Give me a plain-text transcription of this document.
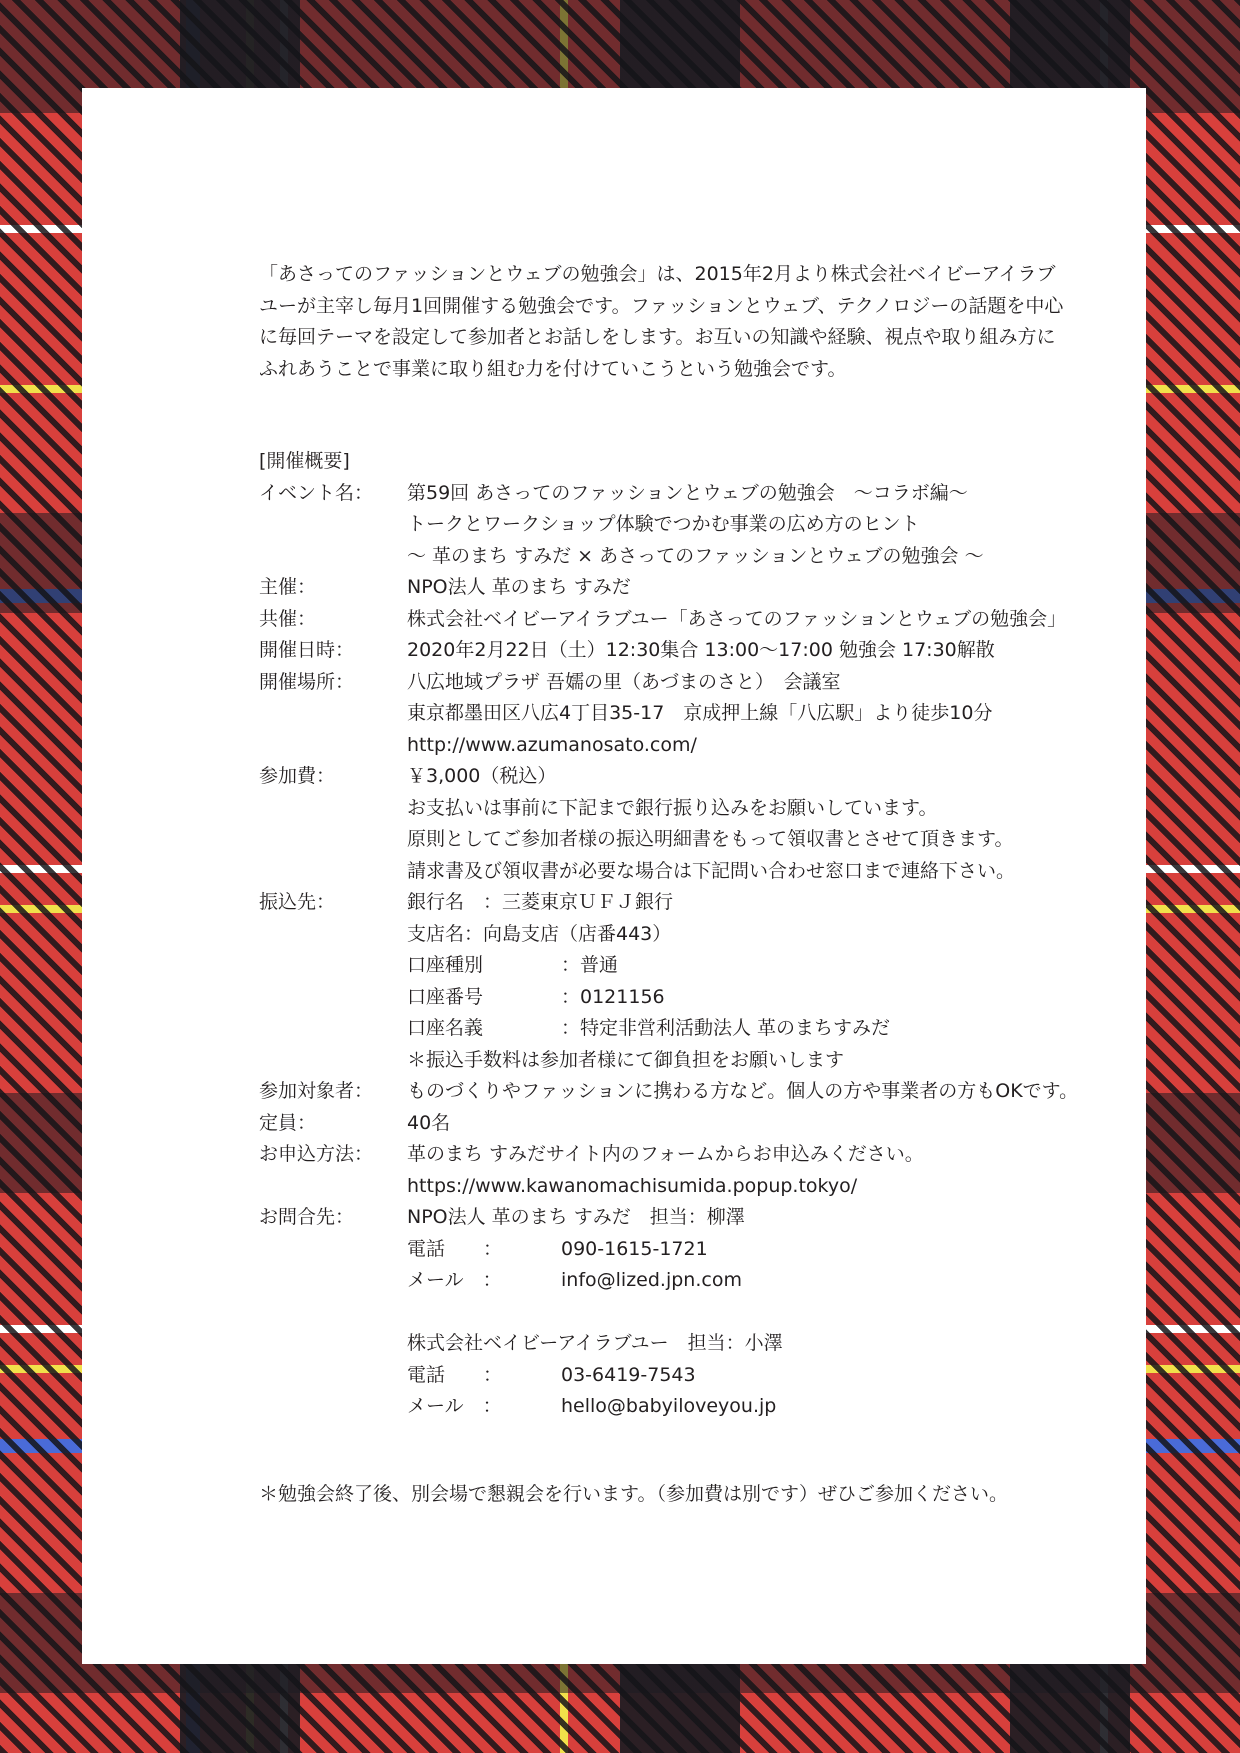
「あさってのファッションとウェブの勉強会」は、2015年2月より株式会社ベイビーアイラブ
ユーが主宰し毎月1回開催する勉強会です。ファッションとウェブ、テクノロジーの話題を中心
に毎回テーマを設定して参加者とお話しをします。お互いの知識や経験、視点や取り組み方に
ふれあうことで事業に取り組む力を付けていこうという勉強会です。

[開催概要]
イベント名：	第59回 あさってのファッションとウェブの勉強会　～コラボ編～
トークとワークショップ体験でつかむ事業の広め方のヒント
〜 革のまち すみだ × あさってのファッションとウェブの勉強会 〜
主催：	NPO法人 革のまち すみだ
共催：	株式会社ベイビーアイラブユー「あさってのファッションとウェブの勉強会」
開催日時：	2020年2月22日（土）12:30集合 13:00〜17:00 勉強会 17:30解散
開催場所：	八広地域プラザ 吾嬬の里（あづまのさと）　会議室
東京都墨田区八広4丁目35-17　京成押上線「八広駅」より徒歩10分
http://www.azumanosato.com/
参加費：	￥3,000（税込）
お支払いは事前に下記まで銀行振り込みをお願いしています。
原則としてご参加者様の振込明細書をもって領収書とさせて頂きます。
請求書及び領収書が必要な場合は下記問い合わせ窓口まで連絡下さい。
振込先：	銀行名　：三菱東京ＵＦＪ銀行
支店名：向島支店（店番443）
口座種別	：普通
口座番号	：0121156
口座名義	：特定非営利活動法人 革のまちすみだ
＊振込手数料は参加者様にて御負担をお願いします
参加対象者：	ものづくりやファッションに携わる方など。個人の方や事業者の方もOKです。
定員：	40名
お申込方法：	革のまち すみだサイト内のフォームからお申込みください。
https://www.kawanomachisumida.popup.tokyo/
お問合先：	NPO法人 革のまち すみだ　担当：柳澤
電話　　：	090-1615-1721
メール　：	info@lized.jpn.com
株式会社ベイビーアイラブユー　担当：小澤
電話　　：	03-6419-7543
メール　：	hello@babyiloveyou.jp
＊勉強会終了後、別会場で懇親会を行います。（参加費は別です）ぜひご参加ください。
